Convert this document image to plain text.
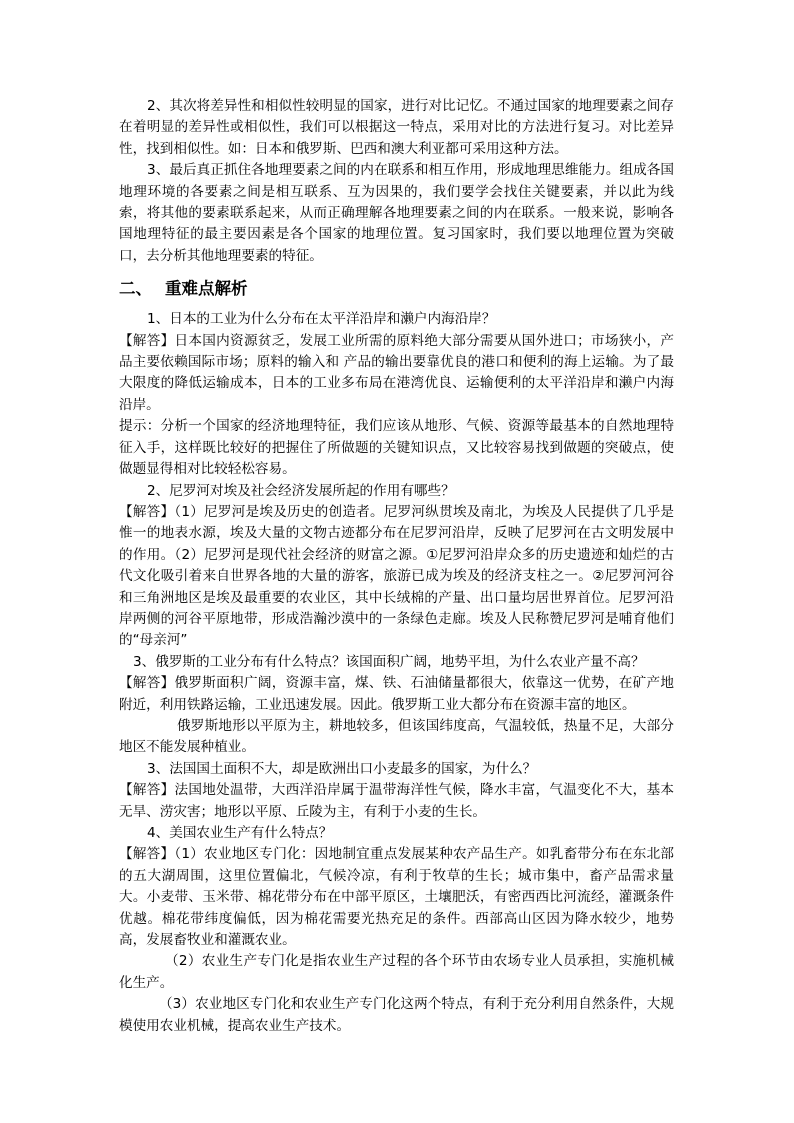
2、其次将差异性和相似性较明显的国家，进行对比记忆。不通过国家的地理要素之间存在着明显的差异性或相似性，我们可以根据这一特点，采用对比的方法进行复习。对比差异性，找到相似性。如：日本和俄罗斯、巴西和澳大利亚都可采用这种方法。

3、最后真正抓住各地理要素之间的内在联系和相互作用，形成地理思维能力。组成各国地理环境的各要素之间是相互联系、互为因果的，我们要学会找住关键要素，并以此为线索，将其他的要素联系起来，从而正确理解各地理要素之间的内在联系。一般来说，影响各国地理特征的最主要因素是各个国家的地理位置。复习国家时，我们要以地理位置为突破口，去分析其他地理要素的特征。

二、 重难点解析

1、日本的工业为什么分布在太平洋沿岸和濑户内海沿岸？

【解答】日本国内资源贫乏，发展工业所需的原料绝大部分需要从国外进口；市场狭小，产品主要依赖国际市场；原料的输入和 产品的输出要靠优良的港口和便利的海上运输。为了最大限度的降低运输成本，日本的工业多布局在港湾优良、运输便利的太平洋沿岸和濑户内海沿岸。

提示：分析一个国家的经济地理特征，我们应该从地形、气候、资源等最基本的自然地理特征入手，这样既比较好的把握住了所做题的关键知识点，又比较容易找到做题的突破点，使做题显得相对比较轻松容易。

2、尼罗河对埃及社会经济发展所起的作用有哪些？

【解答】（1）尼罗河是埃及历史的创造者。尼罗河纵贯埃及南北，为埃及人民提供了几乎是惟一的地表水源，埃及大量的文物古迹都分布在尼罗河沿岸，反映了尼罗河在古文明发展中的作用。（2）尼罗河是现代社会经济的财富之源。①尼罗河沿岸众多的历史遗迹和灿烂的古代文化吸引着来自世界各地的大量的游客，旅游已成为埃及的经济支柱之一。②尼罗河河谷和三角洲地区是埃及最重要的农业区，其中长绒棉的产量、出口量均居世界首位。尼罗河沿岸两侧的河谷平原地带，形成浩瀚沙漠中的一条绿色走廊。埃及人民称赞尼罗河是哺育他们的“母亲河”

3、俄罗斯的工业分布有什么特点？该国面积广阔，地势平坦，为什么农业产量不高？

【解答】俄罗斯面积广阔，资源丰富，煤、铁、石油储量都很大，依靠这一优势，在矿产地附近，利用铁路运输，工业迅速发展。因此。俄罗斯工业大都分布在资源丰富的地区。

俄罗斯地形以平原为主，耕地较多，但该国纬度高，气温较低，热量不足，大部分地区不能发展种植业。

3、法国国土面积不大，却是欧洲出口小麦最多的国家，为什么？

【解答】法国地处温带，大西洋沿岸属于温带海洋性气候，降水丰富，气温变化不大，基本无旱、涝灾害；地形以平原、丘陵为主，有利于小麦的生长。

4、美国农业生产有什么特点？

【解答】（1）农业地区专门化：因地制宜重点发展某种农产品生产。如乳畜带分布在东北部的五大湖周围，这里位置偏北，气候冷凉，有利于牧草的生长；城市集中，畜产品需求量大。小麦带、玉米带、棉花带分布在中部平原区，土壤肥沃，有密西西比河流经，灌溉条件优越。棉花带纬度偏低，因为棉花需要光热充足的条件。西部高山区因为降水较少，地势高，发展畜牧业和灌溉农业。

（2）农业生产专门化是指农业生产过程的各个环节由农场专业人员承担，实施机械化生产。

（3）农业地区专门化和农业生产专门化这两个特点，有利于充分利用自然条件，大规模使用农业机械，提高农业生产技术。
